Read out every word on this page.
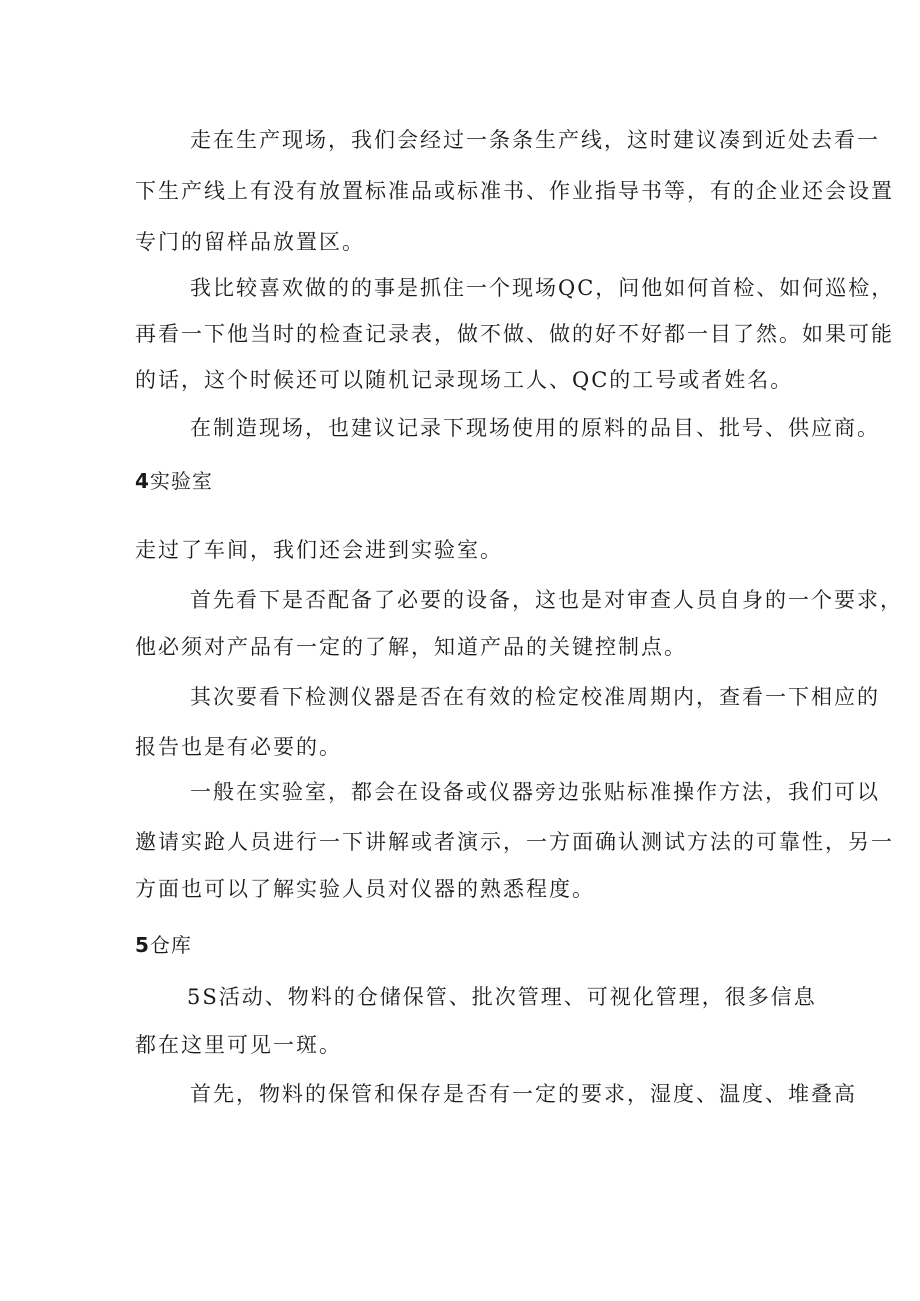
走在生产现场，我们会经过一条条生产线，这时建议凑到近处去看一
下生产线上有没有放置标准品或标准书、作业指导书等，有的企业还会设置
专门的留样品放置区。
我比较喜欢做的的事是抓住一个现场QC，问他如何首检、如何巡检，
再看一下他当时的检查记录表，做不做、做的好不好都一目了然。如果可能
的话，这个时候还可以随机记录现场工人、QC的工号或者姓名。
在制造现场，也建议记录下现场使用的原料的品目、批号、供应商。
4实验室
走过了车间，我们还会进到实验室。
首先看下是否配备了必要的设备，这也是对审查人员自身的一个要求，
他必须对产品有一定的了解，知道产品的关键控制点。
其次要看下检测仪器是否在有效的检定校准周期内，查看一下相应的
报告也是有必要的。
一般在实验室，都会在设备或仪器旁边张贴标准操作方法，我们可以
邀请实跄人员进行一下讲解或者演示，一方面确认测试方法的可靠性，另一
方面也可以了解实验人员对仪器的熟悉程度。
5仓库
5S活动、物料的仓储保管、批次管理、可视化管理，很多信息
都在这里可见一斑。
首先，物料的保管和保存是否有一定的要求，湿度、温度、堆叠高
